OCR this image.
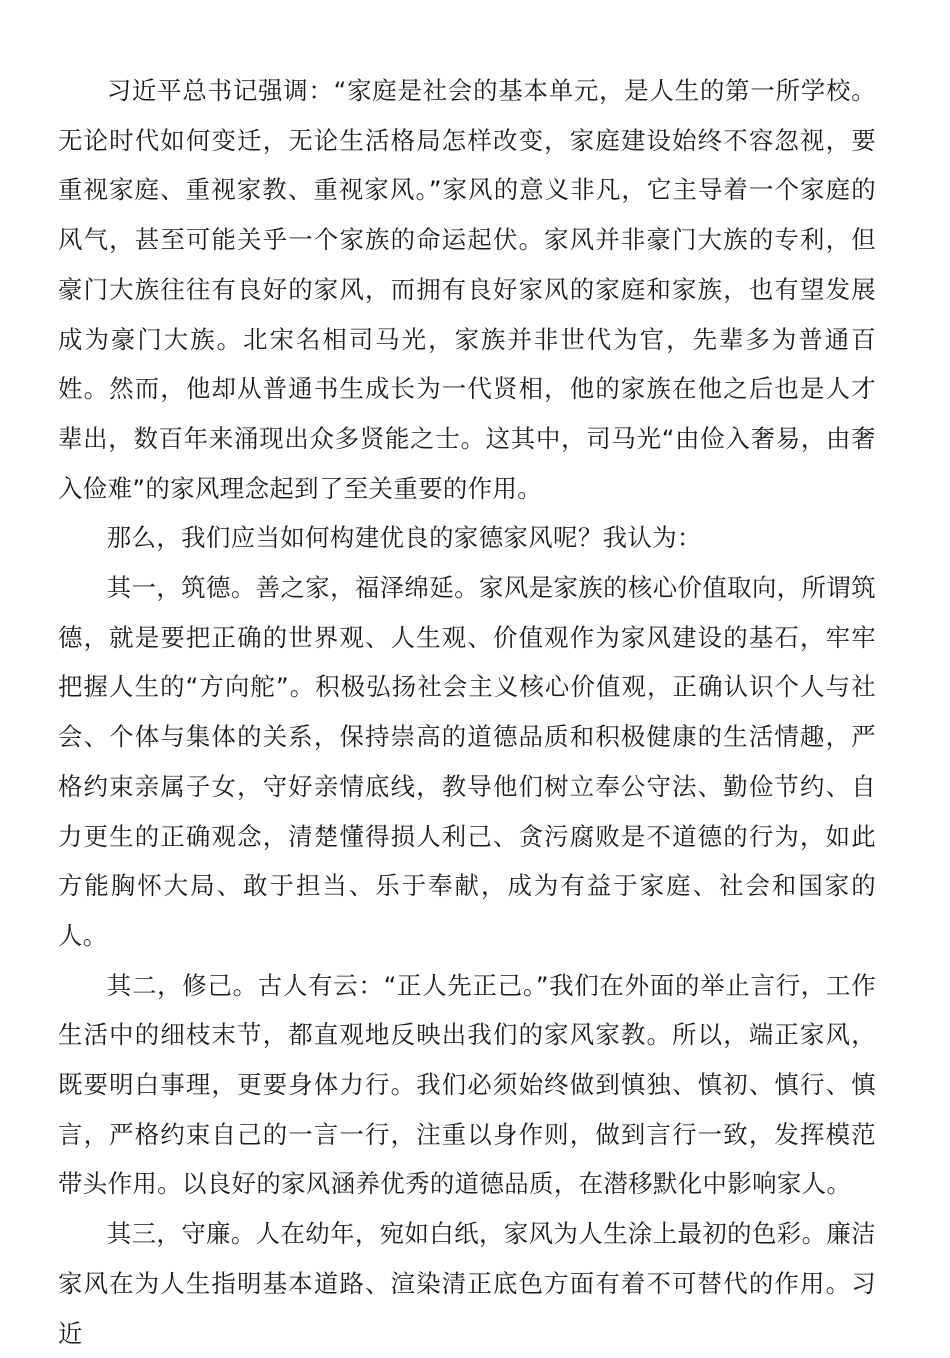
习近平总书记强调：“家庭是社会的基本单元，是人生的第一所学校。无论时代如何变迁，无论生活格局怎样改变，家庭建设始终不容忽视，要重视家庭、重视家教、重视家风。”家风的意义非凡，它主导着一个家庭的风气，甚至可能关乎一个家族的命运起伏。家风并非豪门大族的专利，但豪门大族往往有良好的家风，而拥有良好家风的家庭和家族，也有望发展成为豪门大族。北宋名相司马光，家族并非世代为官，先辈多为普通百姓。然而，他却从普通书生成长为一代贤相，他的家族在他之后也是人才辈出，数百年来涌现出众多贤能之士。这其中，司马光“由俭入奢易，由奢入俭难”的家风理念起到了至关重要的作用。

那么，我们应当如何构建优良的家德家风呢？我认为：

其一，筑德。善之家，福泽绵延。家风是家族的核心价值取向，所谓筑德，就是要把正确的世界观、人生观、价值观作为家风建设的基石，牢牢把握人生的“方向舵”。积极弘扬社会主义核心价值观，正确认识个人与社会、个体与集体的关系，保持崇高的道德品质和积极健康的生活情趣，严格约束亲属子女，守好亲情底线，教导他们树立奉公守法、勤俭节约、自力更生的正确观念，清楚懂得损人利己、贪污腐败是不道德的行为，如此方能胸怀大局、敢于担当、乐于奉献，成为有益于家庭、社会和国家的人。

其二，修己。古人有云：“正人先正己。”我们在外面的举止言行，工作生活中的细枝末节，都直观地反映出我们的家风家教。所以，端正家风，既要明白事理，更要身体力行。我们必须始终做到慎独、慎初、慎行、慎言，严格约束自己的一言一行，注重以身作则，做到言行一致，发挥模范带头作用。以良好的家风涵养优秀的道德品质，在潜移默化中影响家人。

其三，守廉。人在幼年，宛如白纸，家风为人生涂上最初的色彩。廉洁家风在为人生指明基本道路、渲染清正底色方面有着不可替代的作用。习近
